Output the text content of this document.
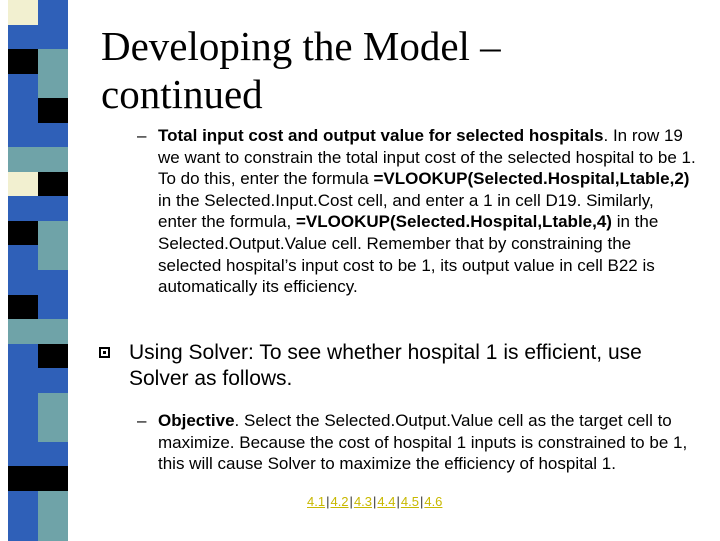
Developing the Model – continued
– Total input cost and output value for selected hospitals. In row 19 we want to constrain the total input cost of the selected hospital to be 1. To do this, enter the formula =VLOOKUP(Selected.Hospital,Ltable,2) in the Selected.Input.Cost cell, and enter a 1 in cell D19. Similarly, enter the formula, =VLOOKUP(Selected.Hospital,Ltable,4) in the Selected.Output.Value cell. Remember that by constraining the selected hospital’s input cost to be 1, its output value in cell B22 is automatically its efficiency.
Using Solver: To see whether hospital 1 is efficient, use Solver as follows.
– Objective. Select the Selected.Output.Value cell as the target cell to maximize. Because the cost of hospital 1 inputs is constrained to be 1, this will cause Solver to maximize the efficiency of hospital 1.
4.1|4.2|4.3|4.4|4.5|4.6
